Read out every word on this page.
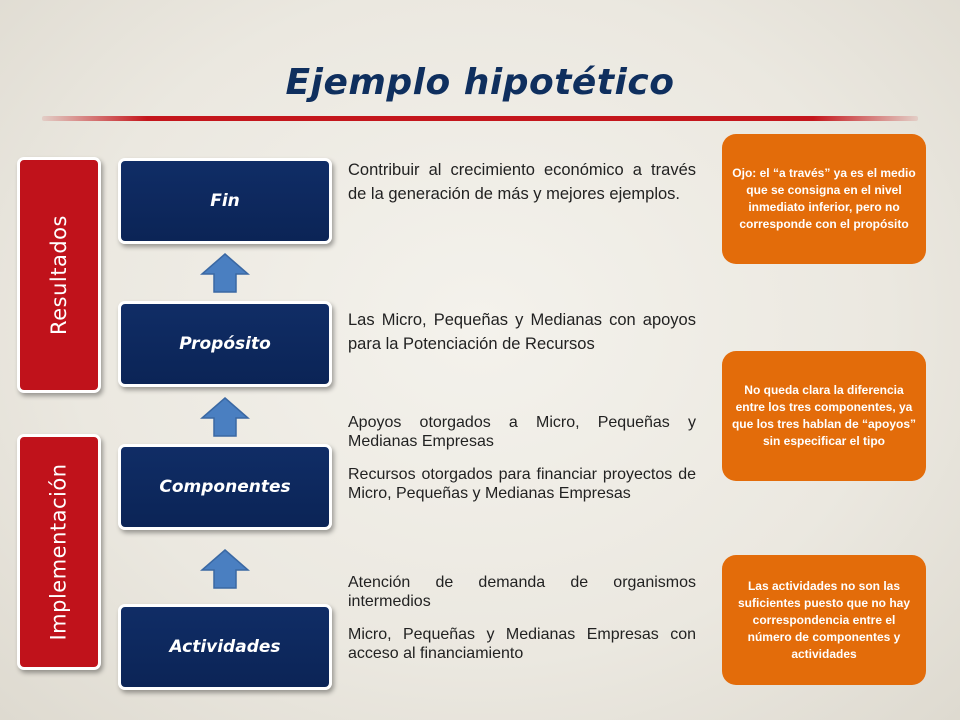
Ejemplo hipotético
Resultados
Implementación
Fin
Propósito
Componentes
Actividades

Contribuir al crecimiento económico a través de la generación de más y mejores ejemplos.

Las Micro, Pequeñas y Medianas con apoyos para la Potenciación de Recursos

Apoyos otorgados a Micro, Pequeñas y Medianas Empresas

Recursos otorgados para financiar proyectos de Micro, Pequeñas y Medianas Empresas

Atención de demanda de organismos intermedios

Micro, Pequeñas y Medianas Empresas con acceso al financiamiento

Ojo: el “a través” ya es el medio que se consigna en el nivel inmediato inferior, pero no corresponde con el propósito
No queda clara la diferencia entre los tres componentes, ya que los tres hablan de “apoyos” sin especificar el tipo
Las actividades no son las suficientes puesto que no hay correspondencia entre el número de componentes y actividades
